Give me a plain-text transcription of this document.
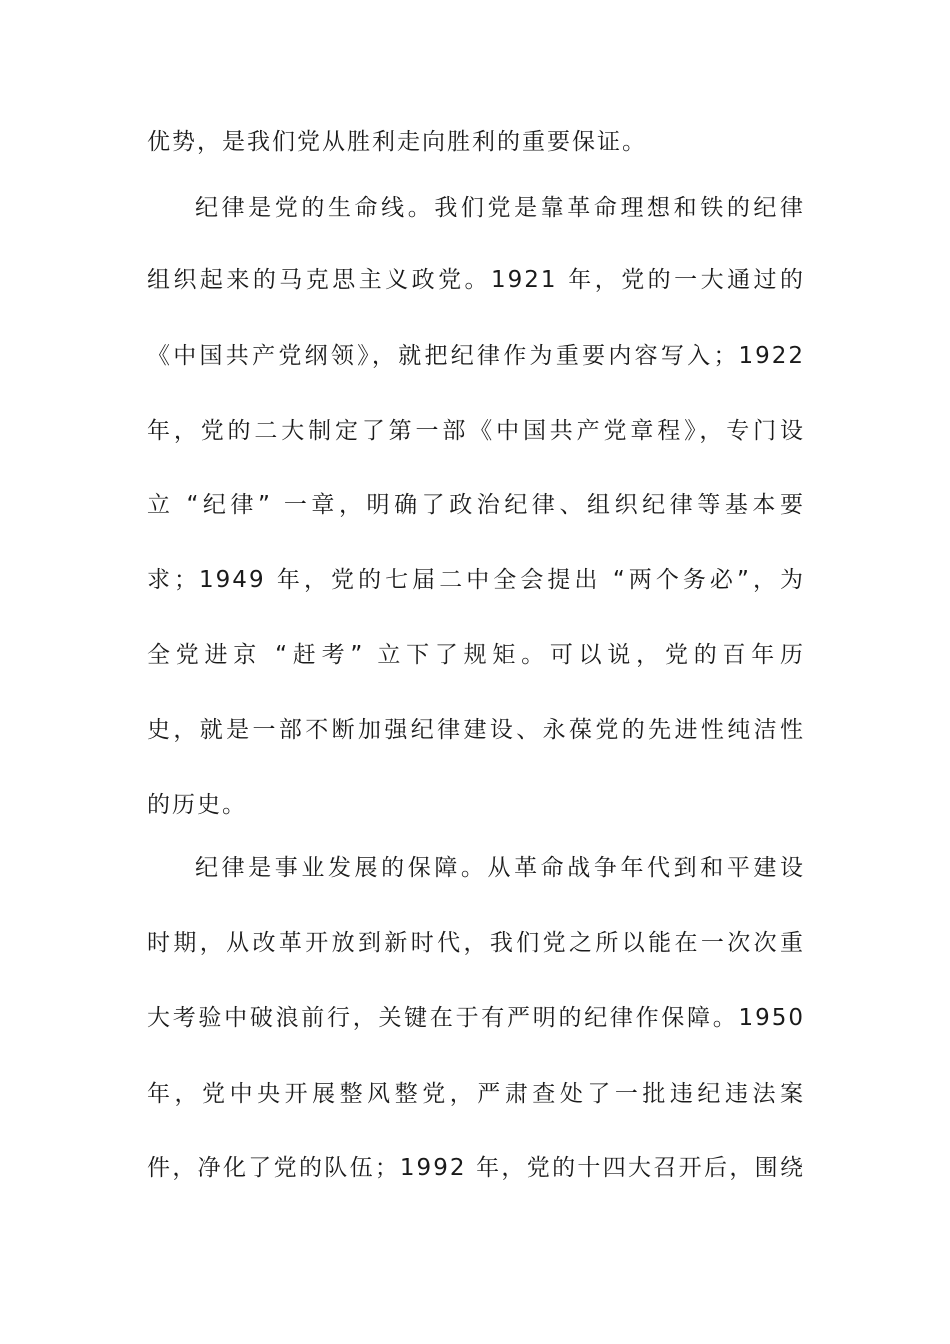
优势，是我们党从胜利走向胜利的重要保证。

纪律是党的生命线。我们党是靠革命理想和铁的纪律

组织起来的马克思主义政党。1921 年，党的一大通过的

《中国共产党纲领》，就把纪律作为重要内容写入；1922

年，党的二大制定了第一部《中国共产党章程》，专门设

立 “纪律” 一章，明确了政治纪律、组织纪律等基本要

求；1949 年，党的七届二中全会提出 “两个务必”，为

全党进京 “赶考” 立下了规矩。可以说，党的百年历

史，就是一部不断加强纪律建设、永葆党的先进性纯洁性

的历史。

纪律是事业发展的保障。从革命战争年代到和平建设

时期，从改革开放到新时代，我们党之所以能在一次次重

大考验中破浪前行，关键在于有严明的纪律作保障。1950

年，党中央开展整风整党，严肃查处了一批违纪违法案

件，净化了党的队伍；1992 年，党的十四大召开后，围绕
